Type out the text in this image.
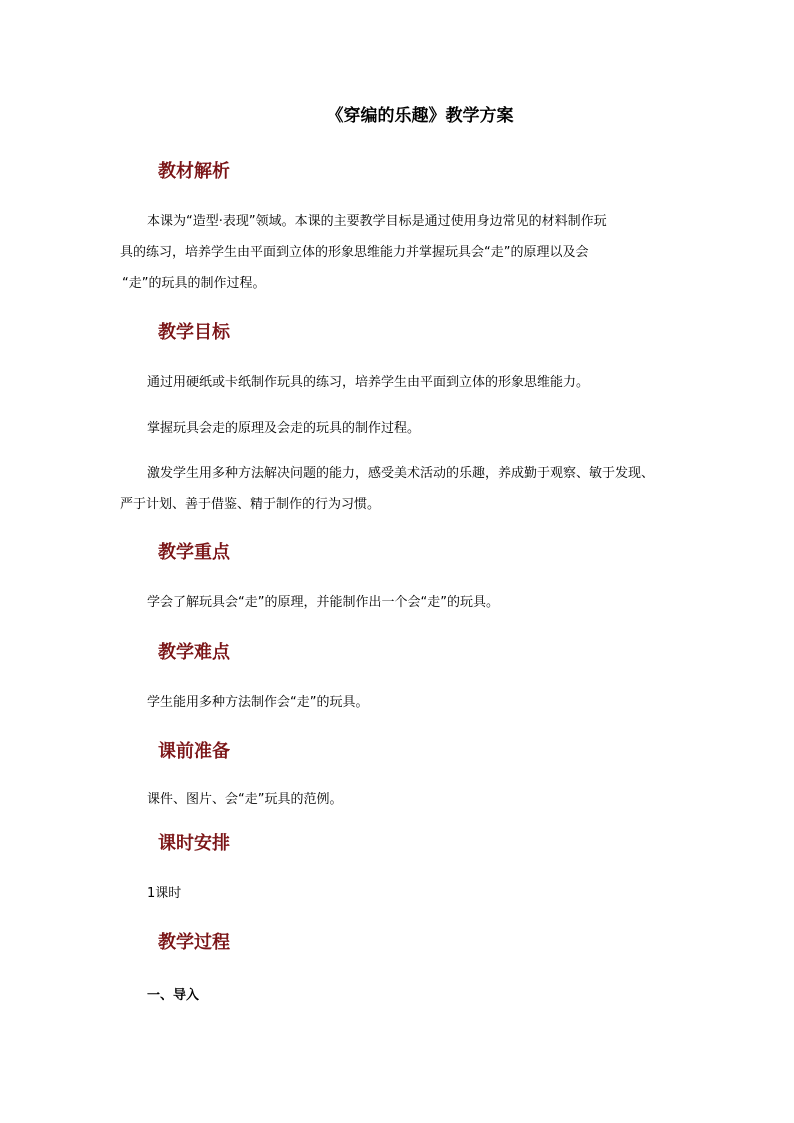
《穿编的乐趣》教学方案
教材解析
本课为“造型·表现”领域。本课的主要教学目标是通过使用身边常见的材料制作玩
具的练习，培养学生由平面到立体的形象思维能力并掌握玩具会“走”的原理以及会
“走”的玩具的制作过程。
教学目标
通过用硬纸或卡纸制作玩具的练习，培养学生由平面到立体的形象思维能力。
掌握玩具会走的原理及会走的玩具的制作过程。
激发学生用多种方法解决问题的能力，感受美术活动的乐趣，养成勤于观察、敏于发现、
严于计划、善于借鉴、精于制作的行为习惯。
教学重点
学会了解玩具会“走”的原理，并能制作出一个会“走”的玩具。
教学难点
学生能用多种方法制作会“走”的玩具。
课前准备
课件、图片、会“走”玩具的范例。
课时安排
1课时
教学过程
一、导入
